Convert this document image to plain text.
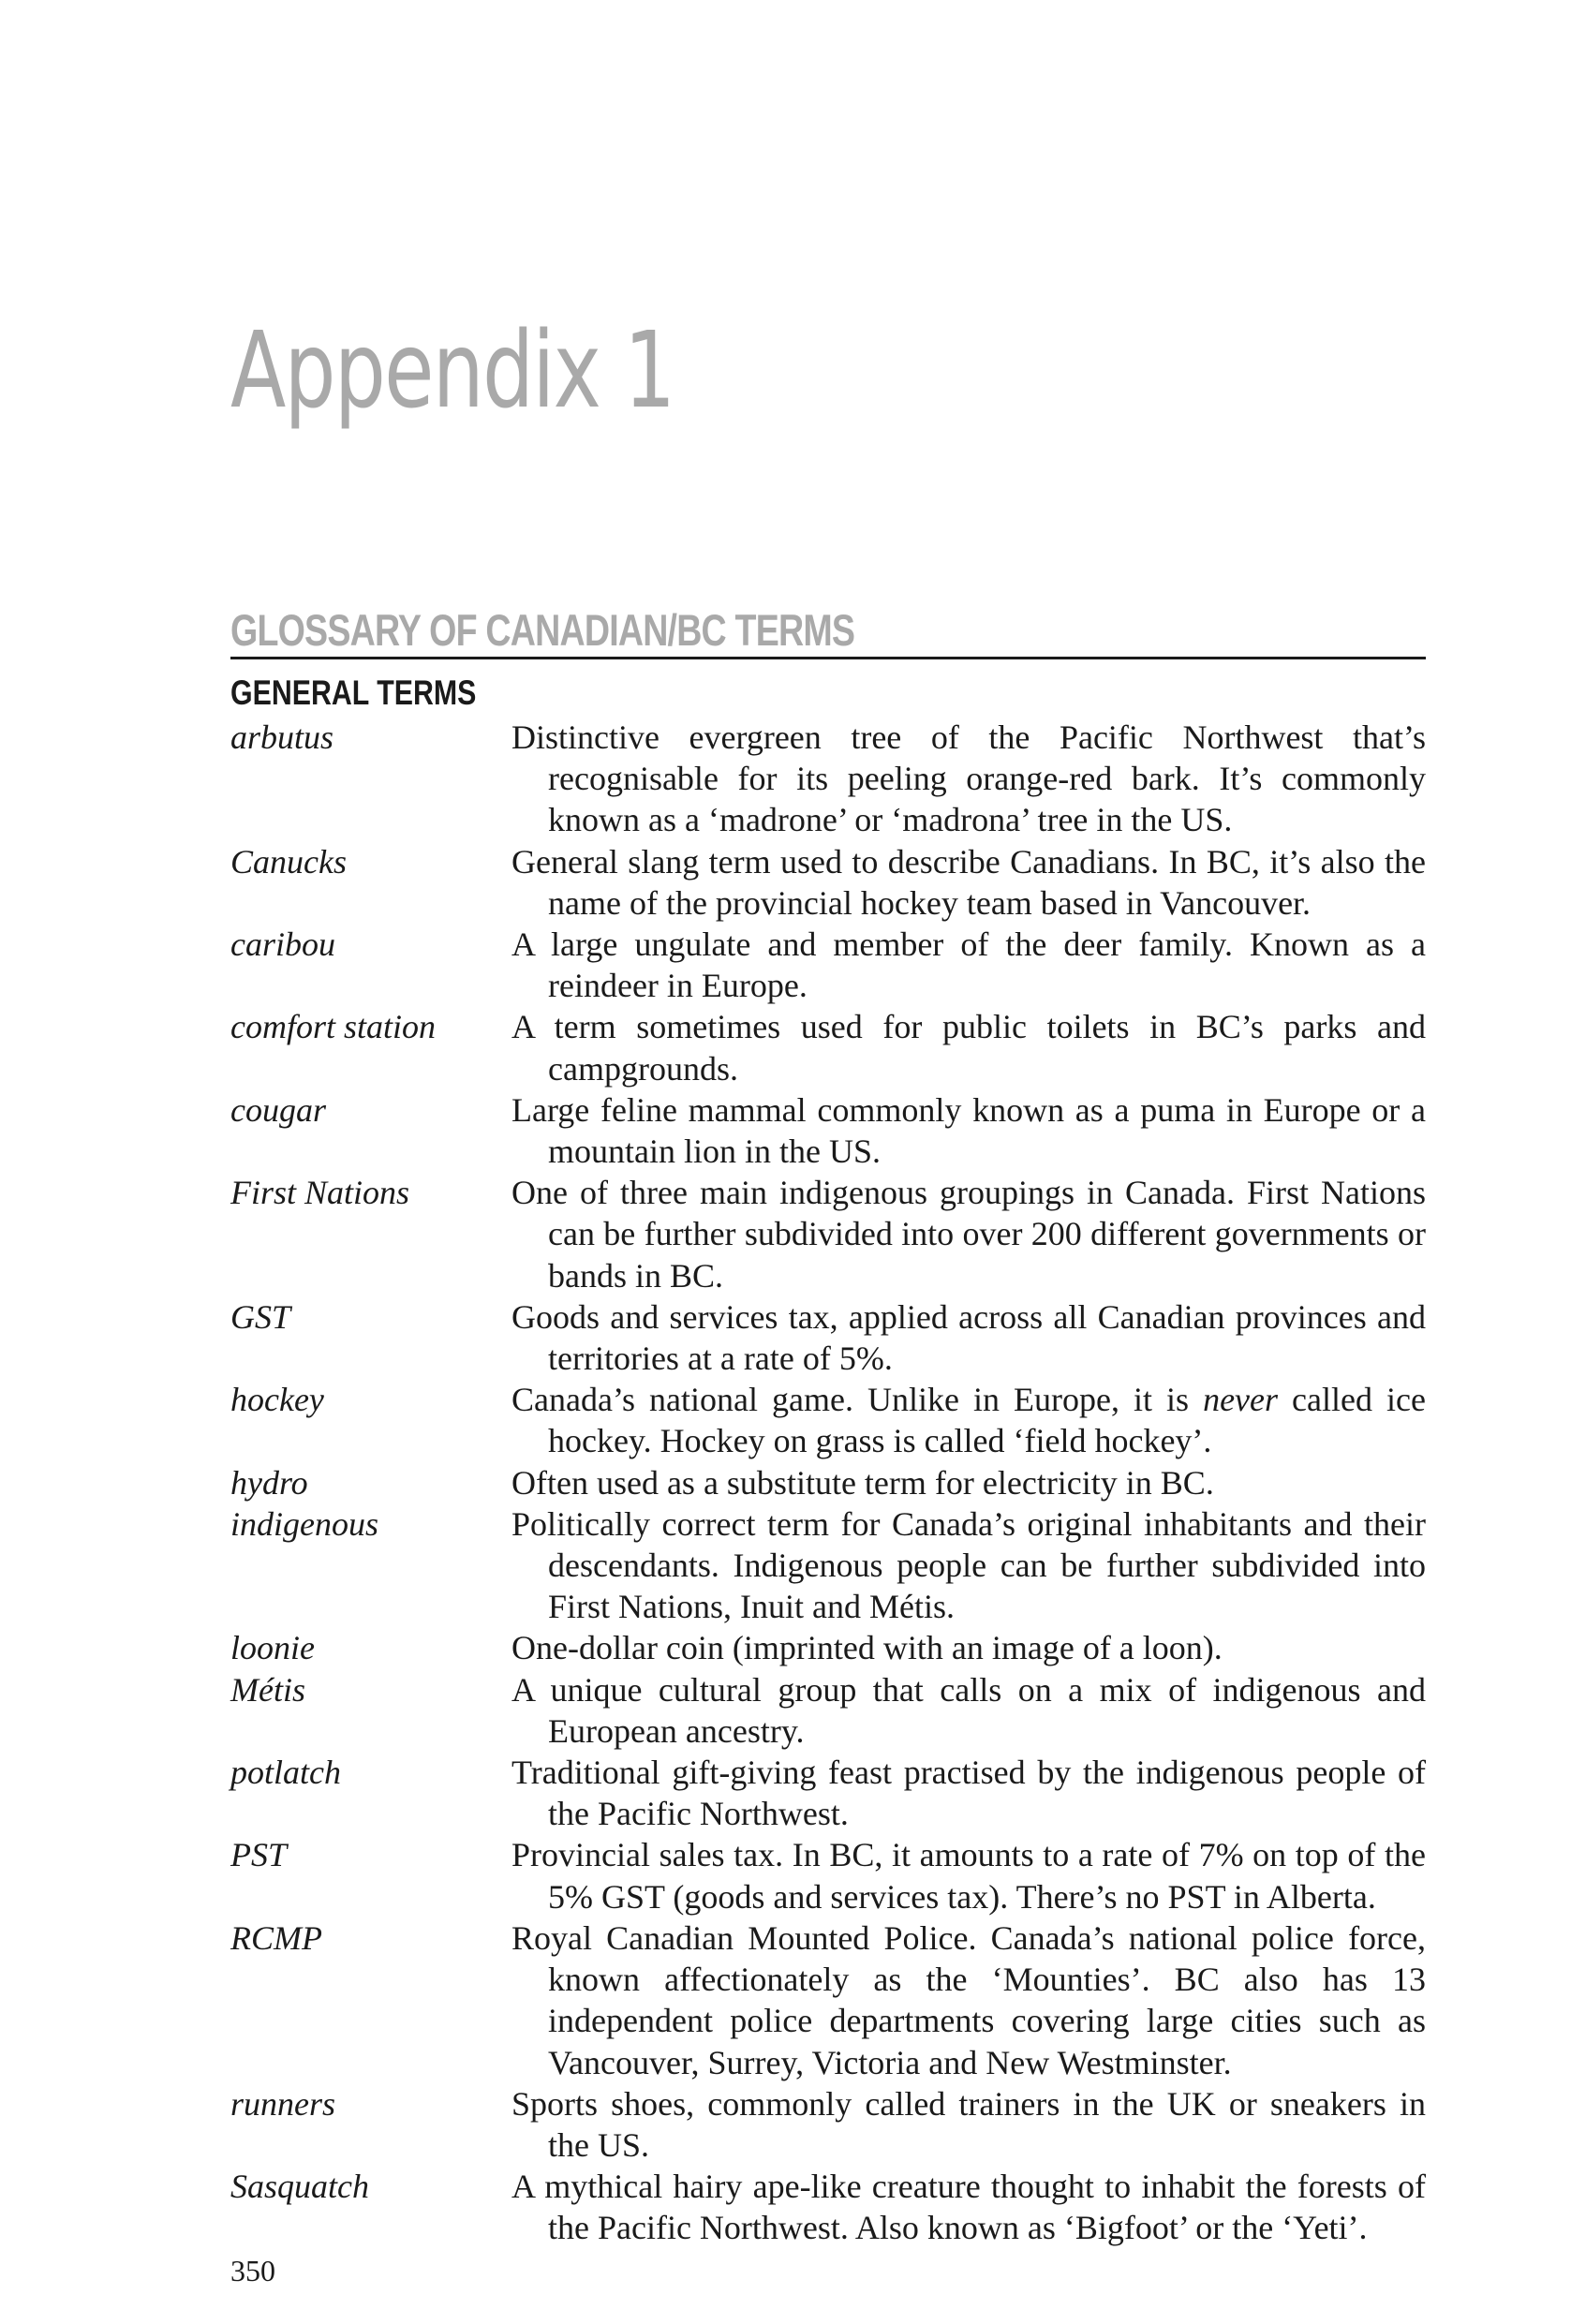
Appendix 1
GLOSSARY OF CANADIAN/BC TERMS
GENERAL TERMS
arbutus	Distinctive evergreen tree of the Pacific Northwest that’s recognisable for its peeling orange-red bark. It’s commonly known as a ‘madrone’ or ‘madrona’ tree in the US.
Canucks	General slang term used to describe Canadians. In BC, it’s also the name of the provincial hockey team based in Vancouver.
caribou	A large ungulate and member of the deer family. Known as a reindeer in Europe.
comfort station	A term sometimes used for public toilets in BC’s parks and campgrounds.
cougar	Large feline mammal commonly known as a puma in Europe or a mountain lion in the US.
First Nations	One of three main indigenous groupings in Canada. First Nations can be further subdivided into over 200 different governments or bands in BC.
GST	Goods and services tax, applied across all Canadian provinces and territories at a rate of 5%.
hockey	Canada’s national game. Unlike in Europe, it is never called ice hockey. Hockey on grass is called ‘field hockey’.
hydro	Often used as a substitute term for electricity in BC.
indigenous	Politically correct term for Canada’s original inhabitants and their descendants. Indigenous people can be further subdivided into First Nations, Inuit and Métis.
loonie	One-dollar coin (imprinted with an image of a loon).
Métis	A unique cultural group that calls on a mix of indigenous and European ancestry.
potlatch	Traditional gift-giving feast practised by the indigenous people of the Pacific Northwest.
PST	Provincial sales tax. In BC, it amounts to a rate of 7% on top of the 5% GST (goods and services tax). There’s no PST in Alberta.
RCMP	Royal Canadian Mounted Police. Canada’s national police force, known affectionately as the ‘Mounties’. BC also has 13 independent police departments covering large cities such as Vancouver, Surrey, Victoria and New Westminster.
runners	Sports shoes, commonly called trainers in the UK or sneakers in the US.
Sasquatch	A mythical hairy ape-like creature thought to inhabit the forests of the Pacific Northwest. Also known as ‘Bigfoot’ or the ‘Yeti’.
350
